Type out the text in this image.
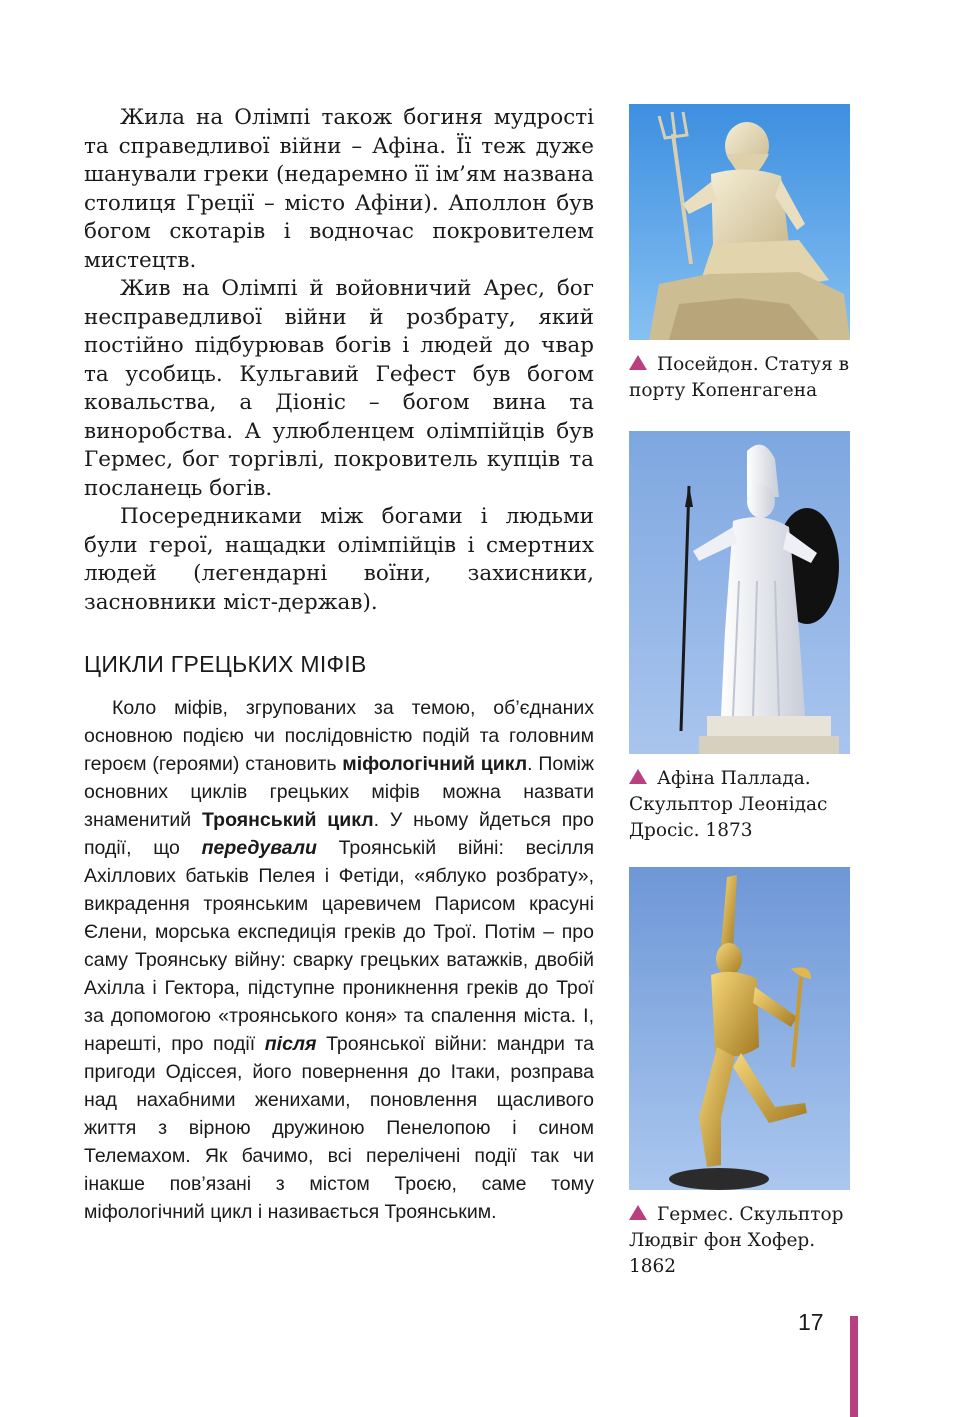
Жила на Олімпі також богиня мудрості та справедливої війни – Афіна. Її теж дуже шанували греки (недаремно її ім’ям названа столиця Греції – місто Афіни). Аполлон був богом скотарів і водночас покровителем мистецтв.

Жив на Олімпі й войовничий Арес, бог несправедливої війни й розбрату, який постійно підбурював богів і людей до чвар та усобиць. Кульгавий Гефест був богом ковальства, а Діоніс – богом вина та виноробства. А улюбленцем олімпійців був Гермес, бог торгівлі, покровитель купців та посланець богів.

Посередниками між богами і людьми були герої, нащадки олімпійців і смертних людей (легендарні воїни, захисники, засновники міст-держав).

ЦИКЛИ ГРЕЦЬКИХ МІФІВ

Коло міфів, згрупованих за темою, об’єднаних основною подією чи послідовністю подій та головним героєм (героями) становить міфологічний цикл. Поміж основних циклів грецьких міфів можна назвати знаменитий Троянський цикл. У ньому йдеться про події, що передували Троянській війні: весілля Ахіллових батьків Пелея і Фетіди, «яблуко розбрату», викрадення троянським царевичем Парисом красуні Єлени, морська експедиція греків до Трої. Потім – про саму Троянську війну: сварку грецьких ватажків, двобій Ахілла і Гектора, підступне проникнення греків до Трої за допомогою «троянського коня» та спалення міста. І, нарешті, про події після Троянської війни: мандри та пригоди Одіссея, його повернення до Ітаки, розправа над нахабними женихами, поновлення щасливого життя з вірною дружиною Пенелопою і сином Телемахом. Як бачимо, всі перелічені події так чи інакше пов’язані з містом Троєю, саме тому міфологічний цикл і називається Троянським.

Посейдон. Статуя в порту Копенгагена
Афіна Паллада. Скульптор Леонідас Дросіс. 1873
Гермес. Скульптор Людвіг фон Хофер. 1862
17
